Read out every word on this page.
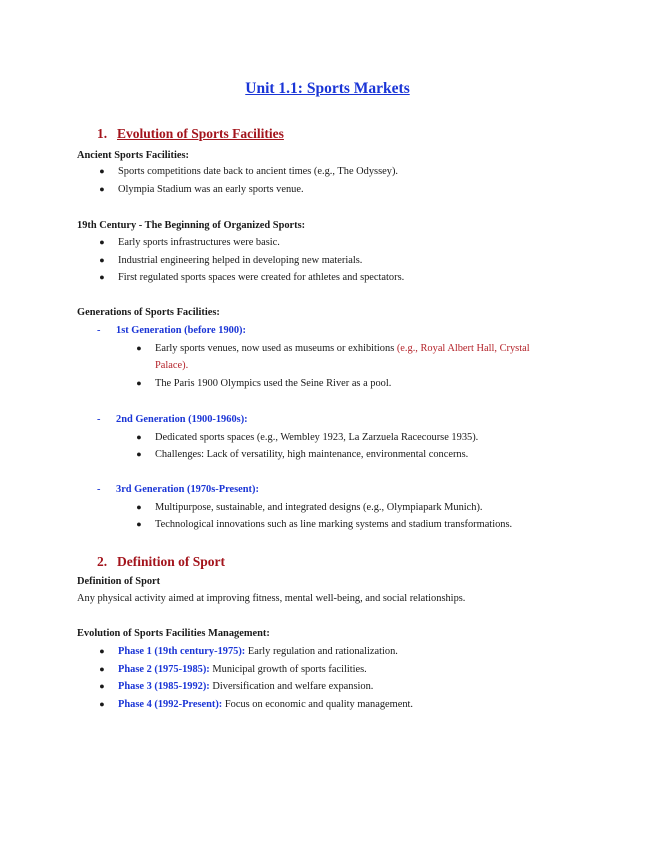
Unit 1.1: Sports Markets
1. Evolution of Sports Facilities
Ancient Sports Facilities:
● Sports competitions date back to ancient times (e.g., The Odyssey).
● Olympia Stadium was an early sports venue.
19th Century - The Beginning of Organized Sports:
● Early sports infrastructures were basic.
● Industrial engineering helped in developing new materials.
● First regulated sports spaces were created for athletes and spectators.
Generations of Sports Facilities:
- 1st Generation (before 1900):
● Early sports venues, now used as museums or exhibitions (e.g., Royal Albert Hall, Crystal
Palace).
● The Paris 1900 Olympics used the Seine River as a pool.
- 2nd Generation (1900-1960s):
● Dedicated sports spaces (e.g., Wembley 1923, La Zarzuela Racecourse 1935).
● Challenges: Lack of versatility, high maintenance, environmental concerns.
- 3rd Generation (1970s-Present):
● Multipurpose, sustainable, and integrated designs (e.g., Olympiapark Munich).
● Technological innovations such as line marking systems and stadium transformations.
2. Definition of Sport
Definition of Sport
Any physical activity aimed at improving fitness, mental well-being, and social relationships.
Evolution of Sports Facilities Management:
● Phase 1 (19th century-1975): Early regulation and rationalization.
● Phase 2 (1975-1985): Municipal growth of sports facilities.
● Phase 3 (1985-1992): Diversification and welfare expansion.
● Phase 4 (1992-Present): Focus on economic and quality management.
